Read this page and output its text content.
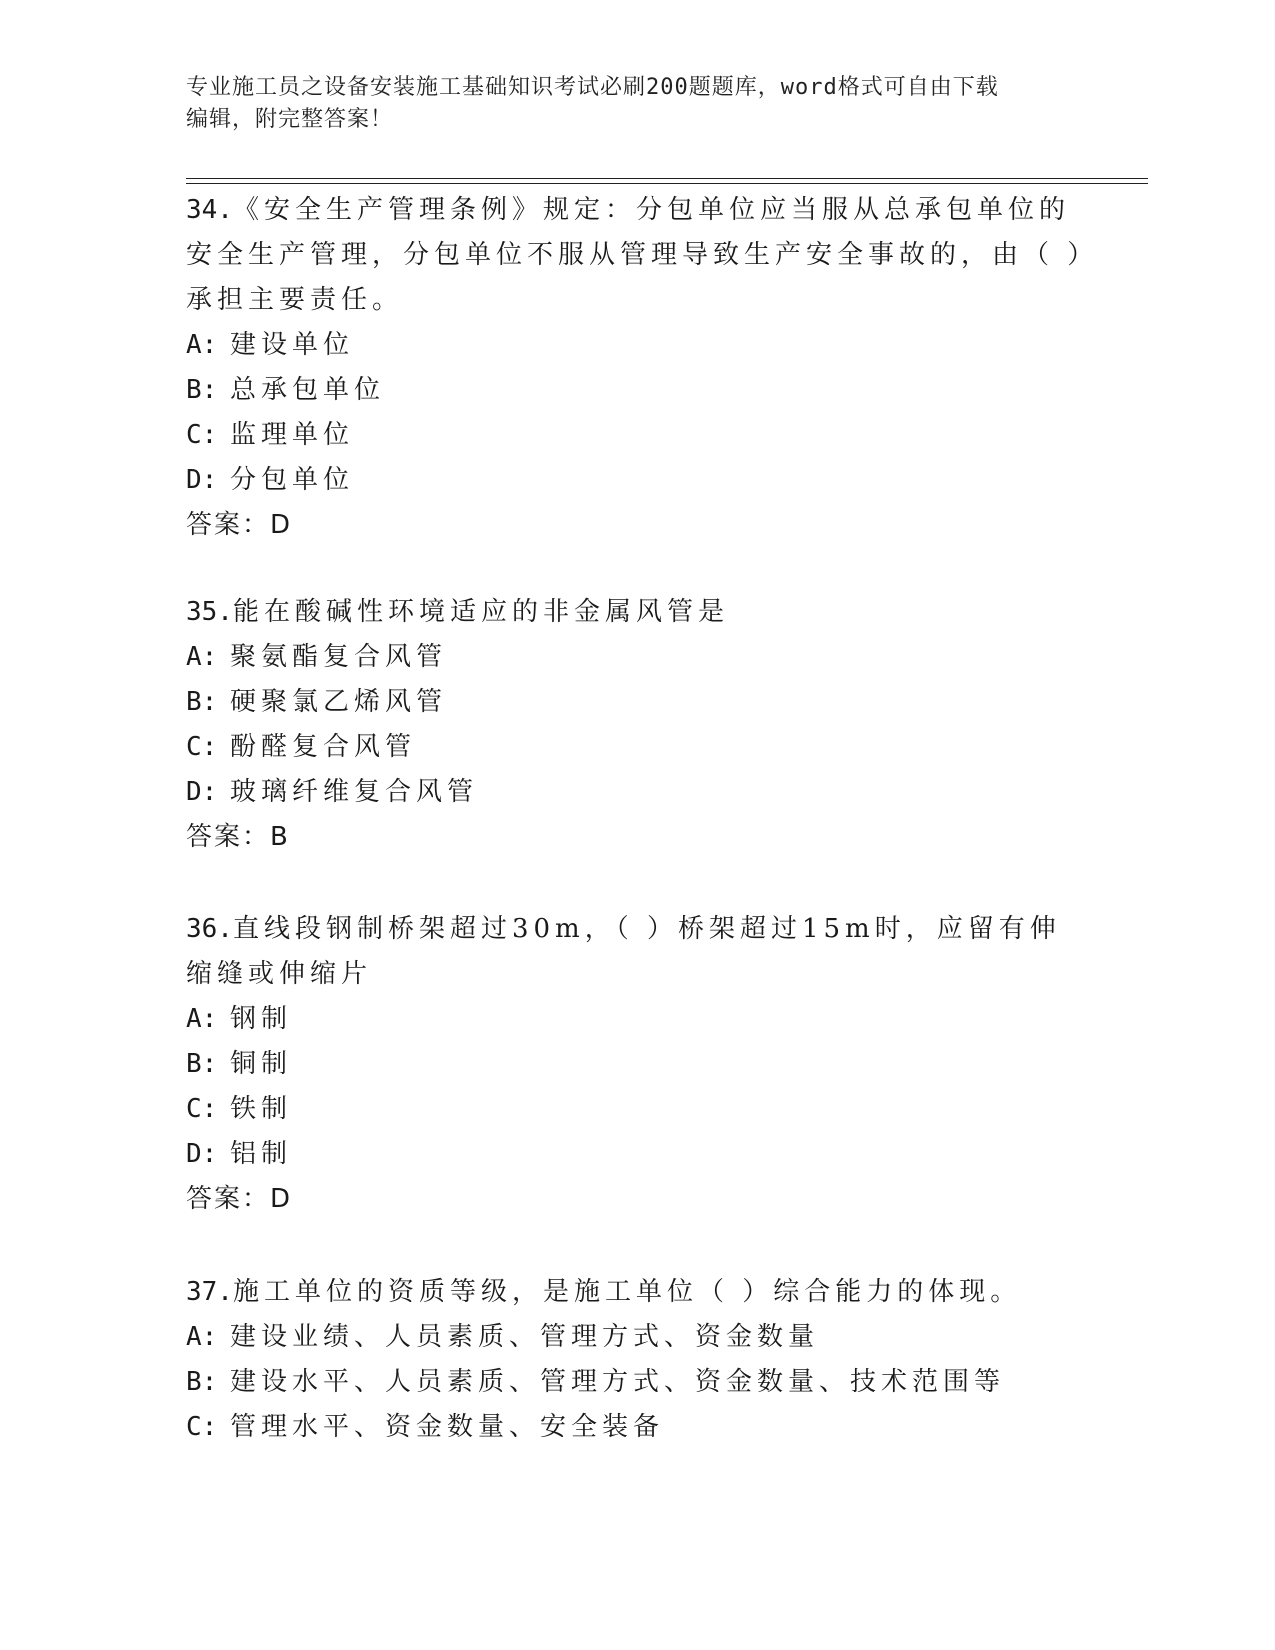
专业施工员之设备安装施工基础知识考试必刷200题题库，word格式可自由下载
编辑，附完整答案！

34.《安全生产管理条例》规定：分包单位应当服从总承包单位的安全生产管理，分包单位不服从管理导致生产安全事故的，由（ ）承担主要责任。

A: 建设单位
B: 总承包单位
C: 监理单位
D: 分包单位
答案：D

35.能在酸碱性环境适应的非金属风管是

A: 聚氨酯复合风管
B: 硬聚氯乙烯风管
C: 酚醛复合风管
D: 玻璃纤维复合风管
答案：B

36.直线段钢制桥架超过30m，（ ）桥架超过15m时，应留有伸缩缝或伸缩片

A: 钢制
B: 铜制
C: 铁制
D: 铝制
答案：D

37.施工单位的资质等级，是施工单位（ ）综合能力的体现。

A: 建设业绩、人员素质、管理方式、资金数量
B: 建设水平、人员素质、管理方式、资金数量、技术范围等
C: 管理水平、资金数量、安全装备
